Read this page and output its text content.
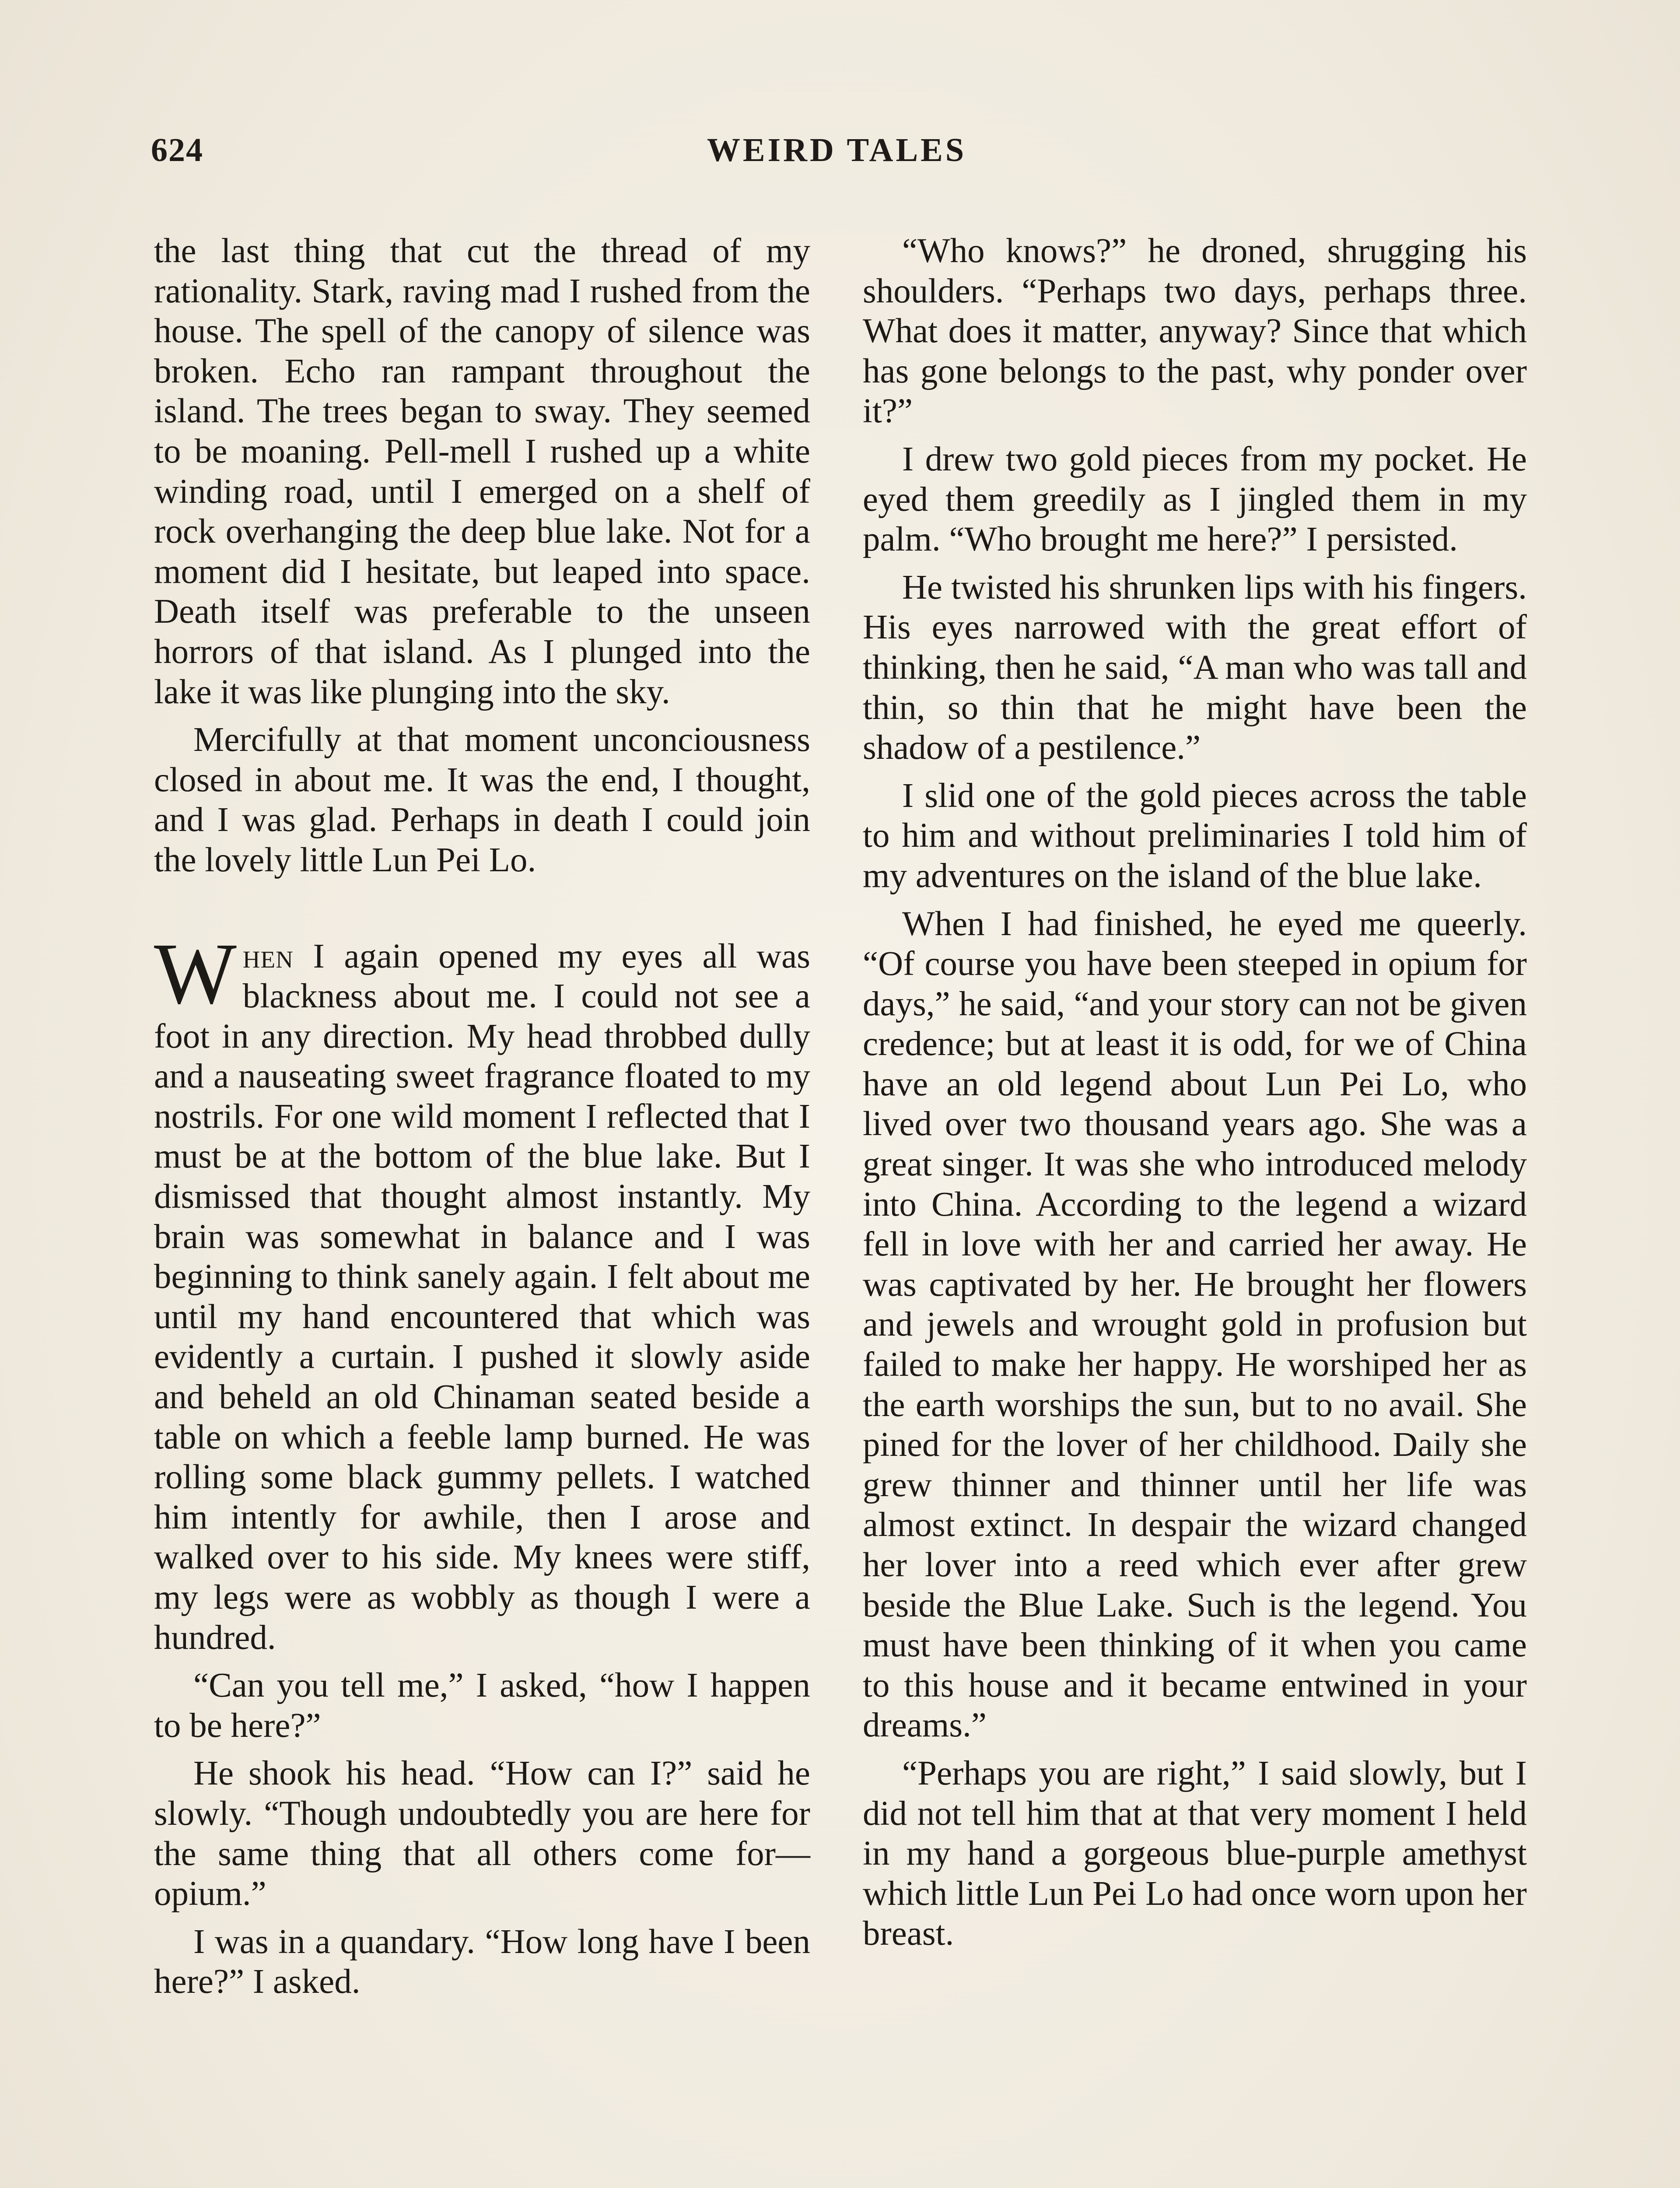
624	WEIRD TALES

the last thing that cut the thread of my rationality. Stark, raving mad I rushed from the house. The spell of the canopy of silence was broken. Echo ran rampant throughout the island. The trees began to sway. They seemed to be moaning. Pell-mell I rushed up a white winding road, until I emerged on a shelf of rock overhanging the deep blue lake. Not for a moment did I hesitate, but leaped into space. Death itself was preferable to the unseen horrors of that island. As I plunged into the lake it was like plunging into the sky.

Mercifully at that moment unconciousness closed in about me. It was the end, I thought, and I was glad. Perhaps in death I could join the lovely little Lun Pei Lo.

When I again opened my eyes all was blackness about me. I could not see a foot in any direction. My head throbbed dully and a nauseating sweet fragrance floated to my nostrils. For one wild moment I reflected that I must be at the bottom of the blue lake. But I dismissed that thought almost instantly. My brain was somewhat in balance and I was beginning to think sanely again. I felt about me until my hand encountered that which was evidently a curtain. I pushed it slowly aside and beheld an old Chinaman seated beside a table on which a feeble lamp burned. He was rolling some black gummy pellets. I watched him intently for awhile, then I arose and walked over to his side. My knees were stiff, my legs were as wobbly as though I were a hundred.

“Can you tell me,” I asked, “how I happen to be here?”

He shook his head. “How can I?” said he slowly. “Though undoubtedly you are here for the same thing that all others come for—opium.”

I was in a quandary. “How long have I been here?” I asked.

“Who knows?” he droned, shrugging his shoulders. “Perhaps two days, perhaps three. What does it matter, anyway? Since that which has gone belongs to the past, why ponder over it?”

I drew two gold pieces from my pocket. He eyed them greedily as I jingled them in my palm. “Who brought me here?” I persisted.

He twisted his shrunken lips with his fingers. His eyes narrowed with the great effort of thinking, then he said, “A man who was tall and thin, so thin that he might have been the shadow of a pestilence.”

I slid one of the gold pieces across the table to him and without preliminaries I told him of my adventures on the island of the blue lake.

When I had finished, he eyed me queerly. “Of course you have been steeped in opium for days,” he said, “and your story can not be given credence; but at least it is odd, for we of China have an old legend about Lun Pei Lo, who lived over two thousand years ago. She was a great singer. It was she who introduced melody into China. According to the legend a wizard fell in love with her and carried her away. He was captivated by her. He brought her flowers and jewels and wrought gold in profusion but failed to make her happy. He worshiped her as the earth worships the sun, but to no avail. She pined for the lover of her childhood. Daily she grew thinner and thinner until her life was almost extinct. In despair the wizard changed her lover into a reed which ever after grew beside the Blue Lake. Such is the legend. You must have been thinking of it when you came to this house and it became entwined in your dreams.”

“Perhaps you are right,” I said slowly, but I did not tell him that at that very moment I held in my hand a gorgeous blue-purple amethyst which little Lun Pei Lo had once worn upon her breast.
